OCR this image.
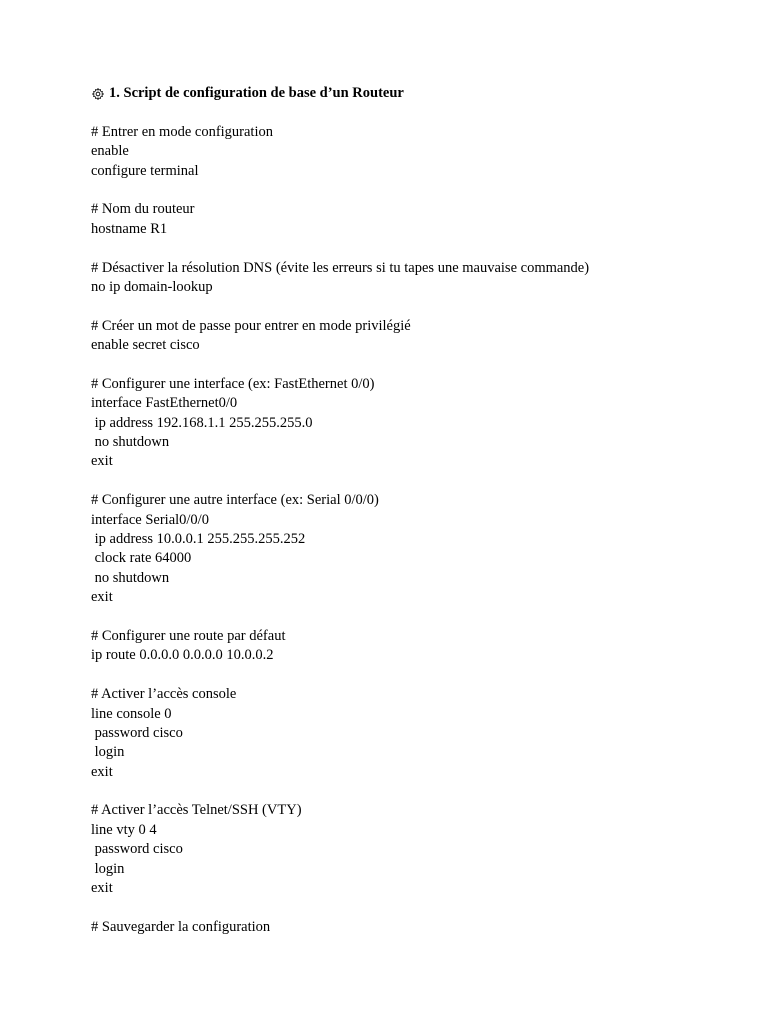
1. Script de configuration de base d’un Routeur
# Entrer en mode configuration
enable
configure terminal
# Nom du routeur
hostname R1
# Désactiver la résolution DNS (évite les erreurs si tu tapes une mauvaise commande)
no ip domain-lookup
# Créer un mot de passe pour entrer en mode privilégié
enable secret cisco
# Configurer une interface (ex: FastEthernet 0/0)
interface FastEthernet0/0
ip address 192.168.1.1 255.255.255.0
no shutdown
exit
# Configurer une autre interface (ex: Serial 0/0/0)
interface Serial0/0/0
ip address 10.0.0.1 255.255.255.252
clock rate 64000
no shutdown
exit
# Configurer une route par défaut
ip route 0.0.0.0 0.0.0.0 10.0.0.2
# Activer l’accès console
line console 0
password cisco
login
exit
# Activer l’accès Telnet/SSH (VTY)
line vty 0 4
password cisco
login
exit
# Sauvegarder la configuration
